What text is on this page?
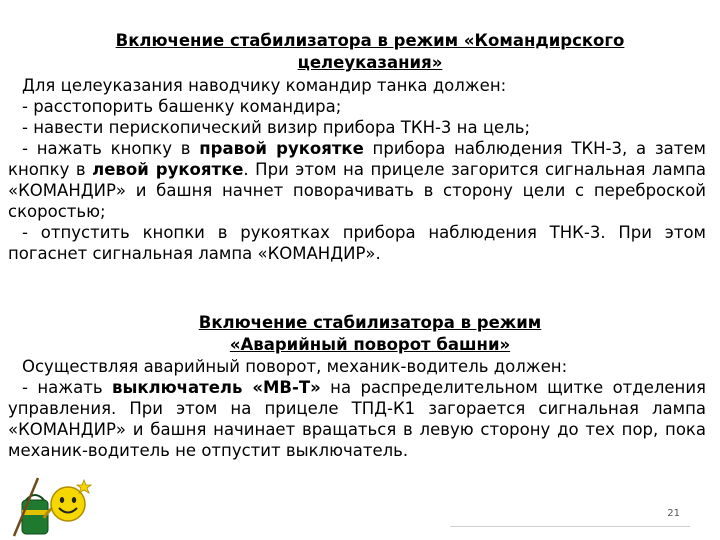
Включение стабилизатора в режим «Командирского
целеуказания»
Для целеуказания наводчику командир танка должен:
- расстопорить башенку командира;
- навести перископический визир прибора ТКН-3 на цель;
- нажать кнопку в правой рукоятке прибора наблюдения ТКН-3, а затем кнопку в левой рукоятке. При этом на прицеле загорится сигнальная лампа «КОМАНДИР» и башня начнет поворачивать в сторону цели с переброской скоростью;
- отпустить кнопки в рукоятках прибора наблюдения ТНК-3. При этом погаснет сигнальная лампа «КОМАНДИР».
Включение стабилизатора в режим
«Аварийный поворот башни»
Осуществляя аварийный поворот, механик-водитель должен:
- нажать выключатель «МВ-Т» на распределительном щитке отделения управления. При этом на прицеле ТПД-К1 загорается сигнальная лампа «КОМАНДИР» и башня начинает вращаться в левую сторону до тех пор, пока механик-водитель не отпустит выключатель.
21
